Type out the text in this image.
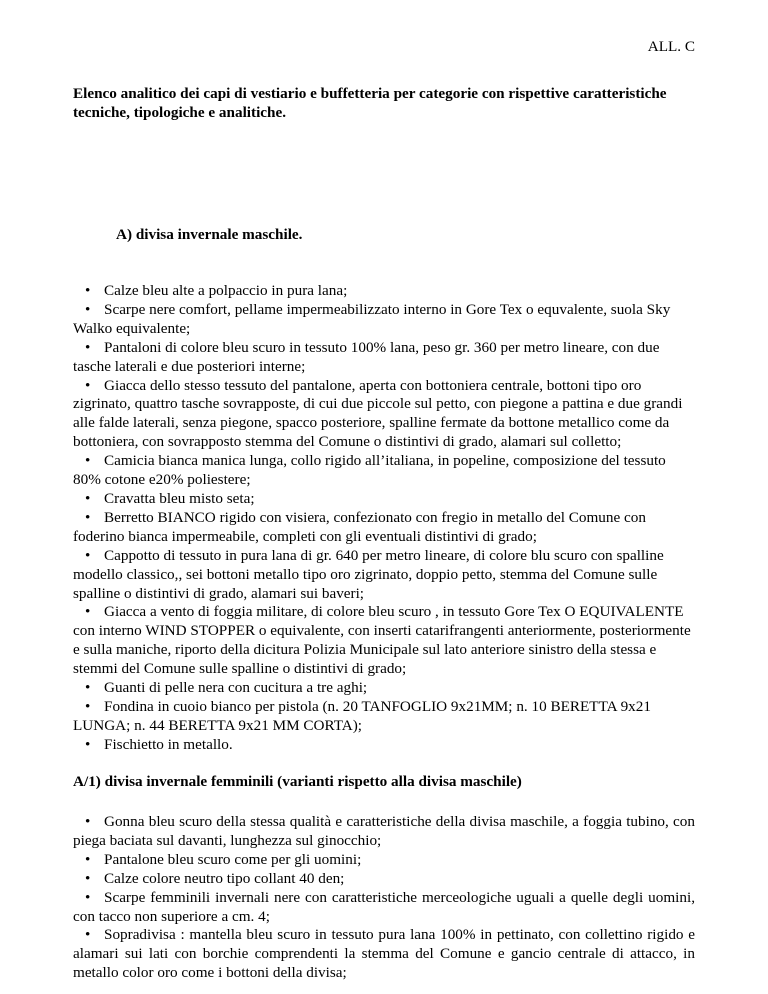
ALL. C
Elenco analitico dei capi di vestiario e buffetteria per categorie con rispettive caratteristiche tecniche, tipologiche e analitiche.
A) divisa invernale maschile.
• Calze bleu alte a polpaccio in pura lana;
• Scarpe nere comfort, pellame impermeabilizzato interno in Gore Tex o equvalente, suola Sky Walko equivalente;
• Pantaloni di colore bleu scuro in tessuto 100% lana, peso gr. 360 per metro lineare, con due tasche laterali e due posteriori interne;
• Giacca dello stesso tessuto del pantalone, aperta con bottoniera centrale, bottoni tipo oro zigrinato, quattro tasche sovrapposte, di cui due piccole sul petto, con piegone a pattina e due grandi alle falde laterali, senza piegone, spacco posteriore, spalline fermate da bottone metallico come da bottoniera, con sovrapposto stemma del Comune o distintivi di grado, alamari sul colletto;
• Camicia bianca manica lunga, collo rigido all’italiana, in popeline, composizione del tessuto 80% cotone e20% poliestere;
• Cravatta bleu misto seta;
• Berretto BIANCO rigido con visiera, confezionato con fregio in metallo del Comune con foderino bianca impermeabile, completi con gli eventuali distintivi di grado;
• Cappotto di tessuto in pura lana di gr. 640 per metro lineare, di colore blu scuro con spalline modello classico,, sei bottoni metallo tipo oro zigrinato, doppio petto, stemma del Comune sulle spalline o distintivi di grado, alamari sui baveri;
• Giacca a vento di foggia militare, di colore bleu scuro , in tessuto Gore Tex O EQUIVALENTE con interno WIND STOPPER o equivalente, con inserti catarifrangenti anteriormente, posteriormente e sulla maniche, riporto della dicitura Polizia Municipale sul lato anteriore sinistro della stessa e stemmi del Comune sulle spalline o distintivi di grado;
• Guanti di pelle nera con cucitura a tre aghi;
• Fondina in cuoio bianco per pistola (n. 20 TANFOGLIO 9x21MM; n. 10 BERETTA 9x21 LUNGA; n. 44 BERETTA 9x21 MM CORTA);
• Fischietto in metallo.
A/1) divisa invernale femminili (varianti rispetto alla divisa maschile)
• Gonna bleu scuro della stessa qualità e caratteristiche della divisa maschile, a foggia tubino, con piega baciata sul davanti, lunghezza sul ginocchio;
• Pantalone bleu scuro come per gli uomini;
• Calze colore neutro tipo collant 40 den;
• Scarpe femminili invernali nere con caratteristiche merceologiche uguali a quelle degli uomini, con tacco non superiore a cm. 4;
• Sopradivisa : mantella bleu scuro in tessuto pura lana 100% in pettinato, con collettino rigido e alamari sui lati con borchie comprendenti la stemma del Comune e gancio centrale di attacco, in metallo color oro come i bottoni della divisa;
